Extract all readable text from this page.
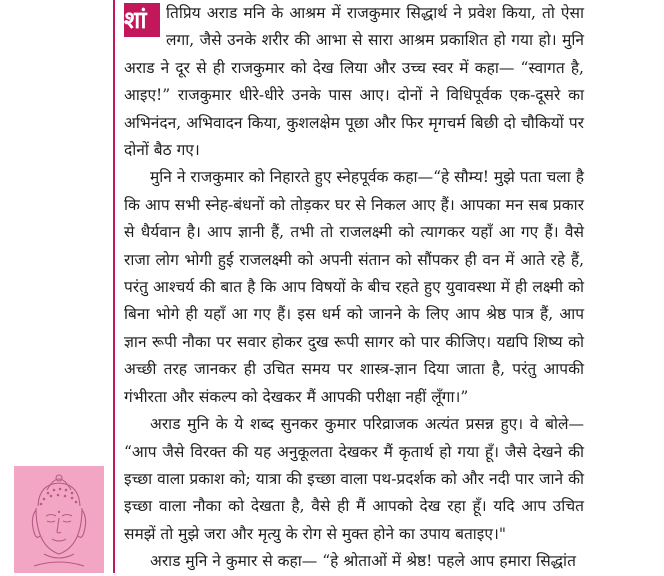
शां	तिप्रिय अराड मनि के आश्रम में राजकुमार सिद्धार्थ ने प्रवेश किया, तो ऐसा लगा, जैसे उनके शरीर की आभा से सारा आश्रम प्रकाशित हो गया हो। मुनि अराड ने दूर से ही राजकुमार को देख लिया और उच्च स्वर में कहा— “स्वागत है, आइए!” राजकुमार धीरे-धीरे उनके पास आए। दोनों ने विधिपूर्वक एक-दूसरे का अभिनंदन, अभिवादन किया, कुशलक्षेम पूछा और फिर मृगचर्म बिछी दो चौकियों पर दोनों बैठ गए।

मुनि ने राजकुमार को निहारते हुए स्नेहपूर्वक कहा—“हे सौम्य! मुझे पता चला है कि आप सभी स्नेह-बंधनों को तोड़कर घर से निकल आए हैं। आपका मन सब प्रकार से धैर्यवान है। आप ज्ञानी हैं, तभी तो राजलक्ष्मी को त्यागकर यहाँ आ गए हैं। वैसे राजा लोग भोगी हुई राजलक्ष्मी को अपनी संतान को सौंपकर ही वन में आते रहे हैं, परंतु आश्चर्य की बात है कि आप विषयों के बीच रहते हुए युवावस्था में ही लक्ष्मी को बिना भोगे ही यहाँ आ गए हैं। इस धर्म को जानने के लिए आप श्रेष्ठ पात्र हैं, आप ज्ञान रूपी नौका पर सवार होकर दुख रूपी सागर को पार कीजिए। यद्यपि शिष्य को अच्छी तरह जानकर ही उचित समय पर शास्त्र-ज्ञान दिया जाता है, परंतु आपकी गंभीरता और संकल्प को देखकर मैं आपकी परीक्षा नहीं लूँगा।”

अराड मुनि के ये शब्द सुनकर कुमार परिव्राजक अत्यंत प्रसन्न हुए। वे बोले— “आप जैसे विरक्त की यह अनुकूलता देखकर मैं कृतार्थ हो गया हूँ। जैसे देखने की इच्छा वाला प्रकाश को; यात्रा की इच्छा वाला पथ-प्रदर्शक को और नदी पार जाने की इच्छा वाला नौका को देखता है, वैसे ही मैं आपको देख रहा हूँ। यदि आप उचित समझें तो मुझे जरा और मृत्यु के रोग से मुक्त होने का उपाय बताइए।"

अराड मुनि ने कुमार से कहा— “हे श्रोताओं में श्रेष्ठ! पहले आप हमारा सिद्धांत
